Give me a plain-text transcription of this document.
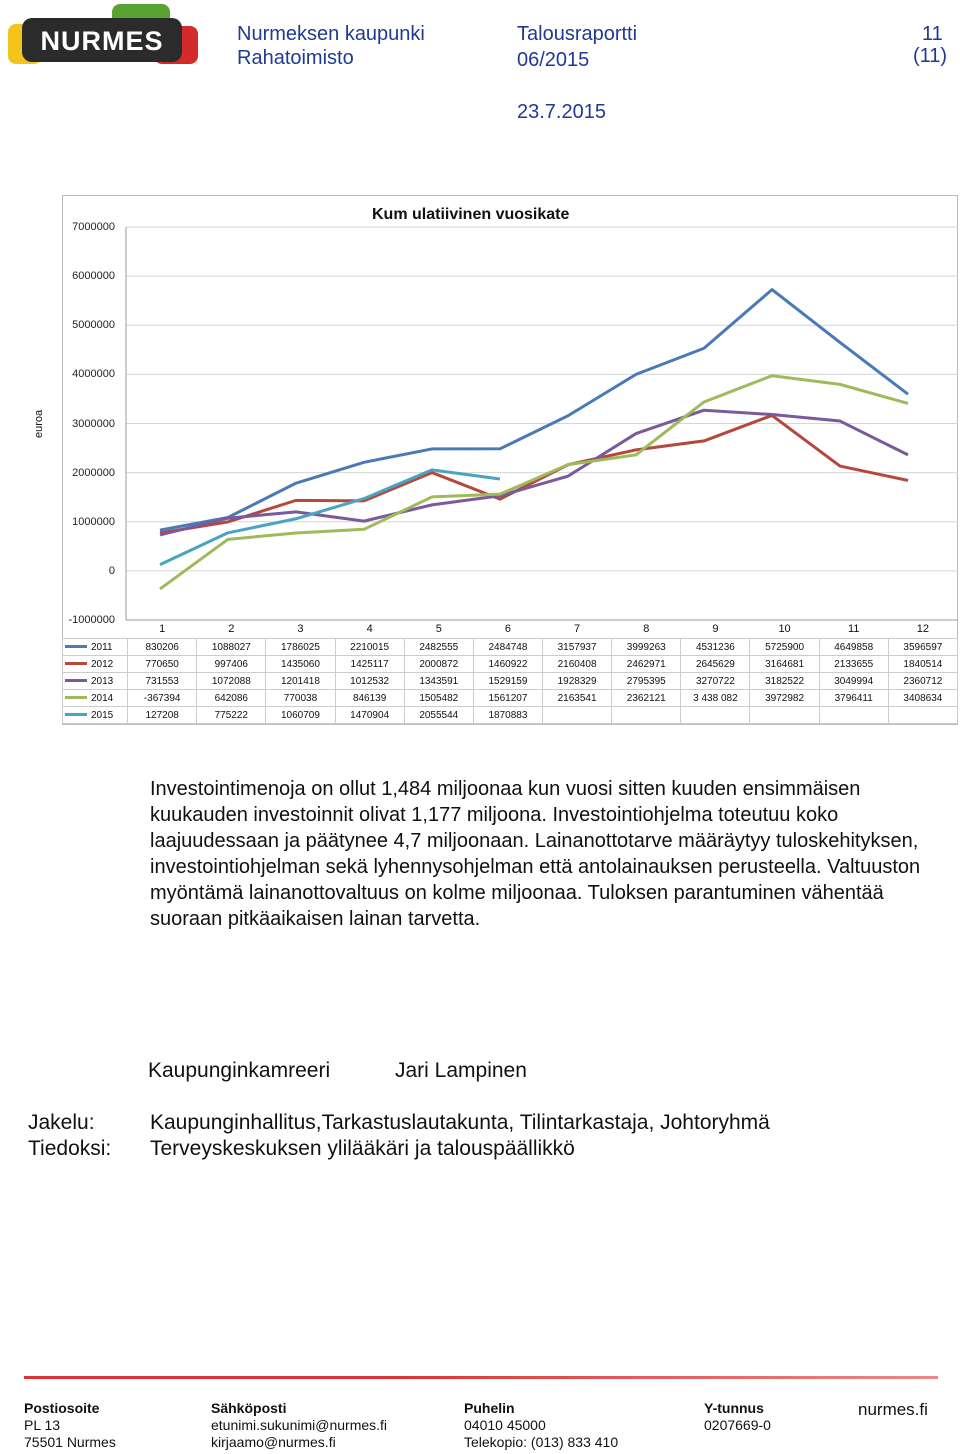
NURMES	Nurmeksen kaupunki
Rahatoimisto
Talousraportti
06/2015
23.7.2015
11
(11)
Kum ulatiivinen vuosikate
euroa
7000000
6000000
5000000
4000000
3000000
2000000
1000000
0
-1000000
	1	2	3	4	5	6	7	8	9	10	11	12
2011	830206	1088027	1786025	2210015	2482555	2484748	3157937	3999263	4531236	5725900	4649858	3596597
2012	770650	997406	1435060	1425117	2000872	1460922	2160408	2462971	2645629	3164681	2133655	1840514
2013	731553	1072088	1201418	1012532	1343591	1529159	1928329	2795395	3270722	3182522	3049994	2360712
2014	-367394	642086	770038	846139	1505482	1561207	2163541	2362121	3 438 082	3972982	3796411	3408634
2015	127208	775222	1060709	1470904	2055544	1870883						
Investointimenoja on ollut 1,484 miljoonaa kun vuosi sitten kuuden ensimmäisen kuukauden investoinnit olivat 1,177 miljoona. Investointiohjelma toteutuu koko laajuudessaan ja päätynee 4,7 miljoonaan. Lainanottotarve määräytyy tuloskehityksen, investointiohjelman sekä lyhennysohjelman että antolainauksen perusteella. Valtuuston myöntämä lainanottovaltuus on kolme miljoonaa. Tuloksen parantuminen vähentää suoraan pitkäaikaisen lainan tarvetta.
Kaupunginkamreeri	Jari Lampinen
Jakelu:	Kaupunginhallitus,Tarkastuslautakunta, Tilintarkastaja, Johtoryhmä
Tiedoksi: Terveyskeskuksen ylilääkäri ja talouspäällikkö
Postiosoite
PL 13
75501 Nurmes
Sähköposti
etunimi.sukunimi@nurmes.fi
kirjaamo@nurmes.fi
Puhelin
04010 45000
Telekopio: (013) 833 410
Y-tunnus
0207669-0
nurmes.fi
